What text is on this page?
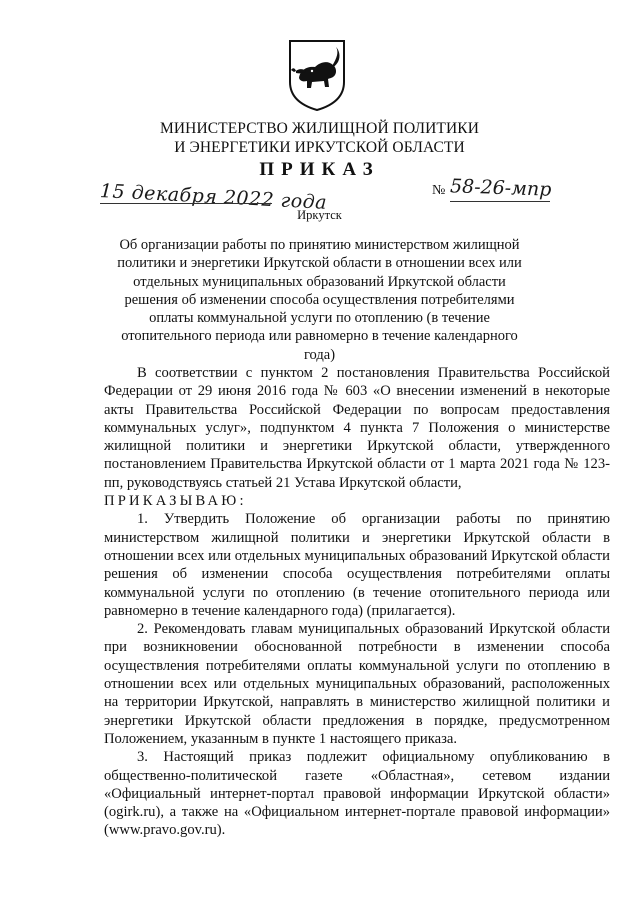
МИНИСТЕРСТВО ЖИЛИЩНОЙ ПОЛИТИКИ
И ЭНЕРГЕТИКИ ИРКУТСКОЙ ОБЛАСТИ
ПРИКАЗ
15 декабря 2022 года	№ 58-26-мпр
Иркутск
Об организации работы по принятию министерством жилищной политики и энергетики Иркутской области в отношении всех или отдельных муниципальных образований Иркутской области решения об изменении способа осуществления потребителями оплаты коммунальной услуги по отоплению (в течение отопительного периода или равномерно в течение календарного года)

В соответствии с пунктом 2 постановления Правительства Российской Федерации от 29 июня 2016 года № 603 «О внесении изменений в некоторые акты Правительства Российской Федерации по вопросам предоставления коммунальных услуг», подпунктом 4 пункта 7 Положения о министерстве жилищной политики и энергетики Иркутской области, утвержденного постановлением Правительства Иркутской области от 1 марта 2021 года № 123-пп, руководствуясь статьей 21 Устава Иркутской области,

ПРИКАЗЫВАЮ:

1. Утвердить Положение об организации работы по принятию министерством жилищной политики и энергетики Иркутской области в отношении всех или отдельных муниципальных образований Иркутской области решения об изменении способа осуществления потребителями оплаты коммунальной услуги по отоплению (в течение отопительного периода или равномерно в течение календарного года) (прилагается).

2. Рекомендовать главам муниципальных образований Иркутской области при возникновении обоснованной потребности в изменении способа осуществления потребителями оплаты коммунальной услуги по отоплению в отношении всех или отдельных муниципальных образований, расположенных на территории Иркутской, направлять в министерство жилищной политики и энергетики Иркутской области предложения в порядке, предусмотренном Положением, указанным в пункте 1 настоящего приказа.

3. Настоящий приказ подлежит официальному опубликованию в общественно-политической газете «Областная», сетевом издании «Официальный интернет-портал правовой информации Иркутской области» (ogirk.ru), а также на «Официальном интернет-портале правовой информации» (www.pravo.gov.ru).
